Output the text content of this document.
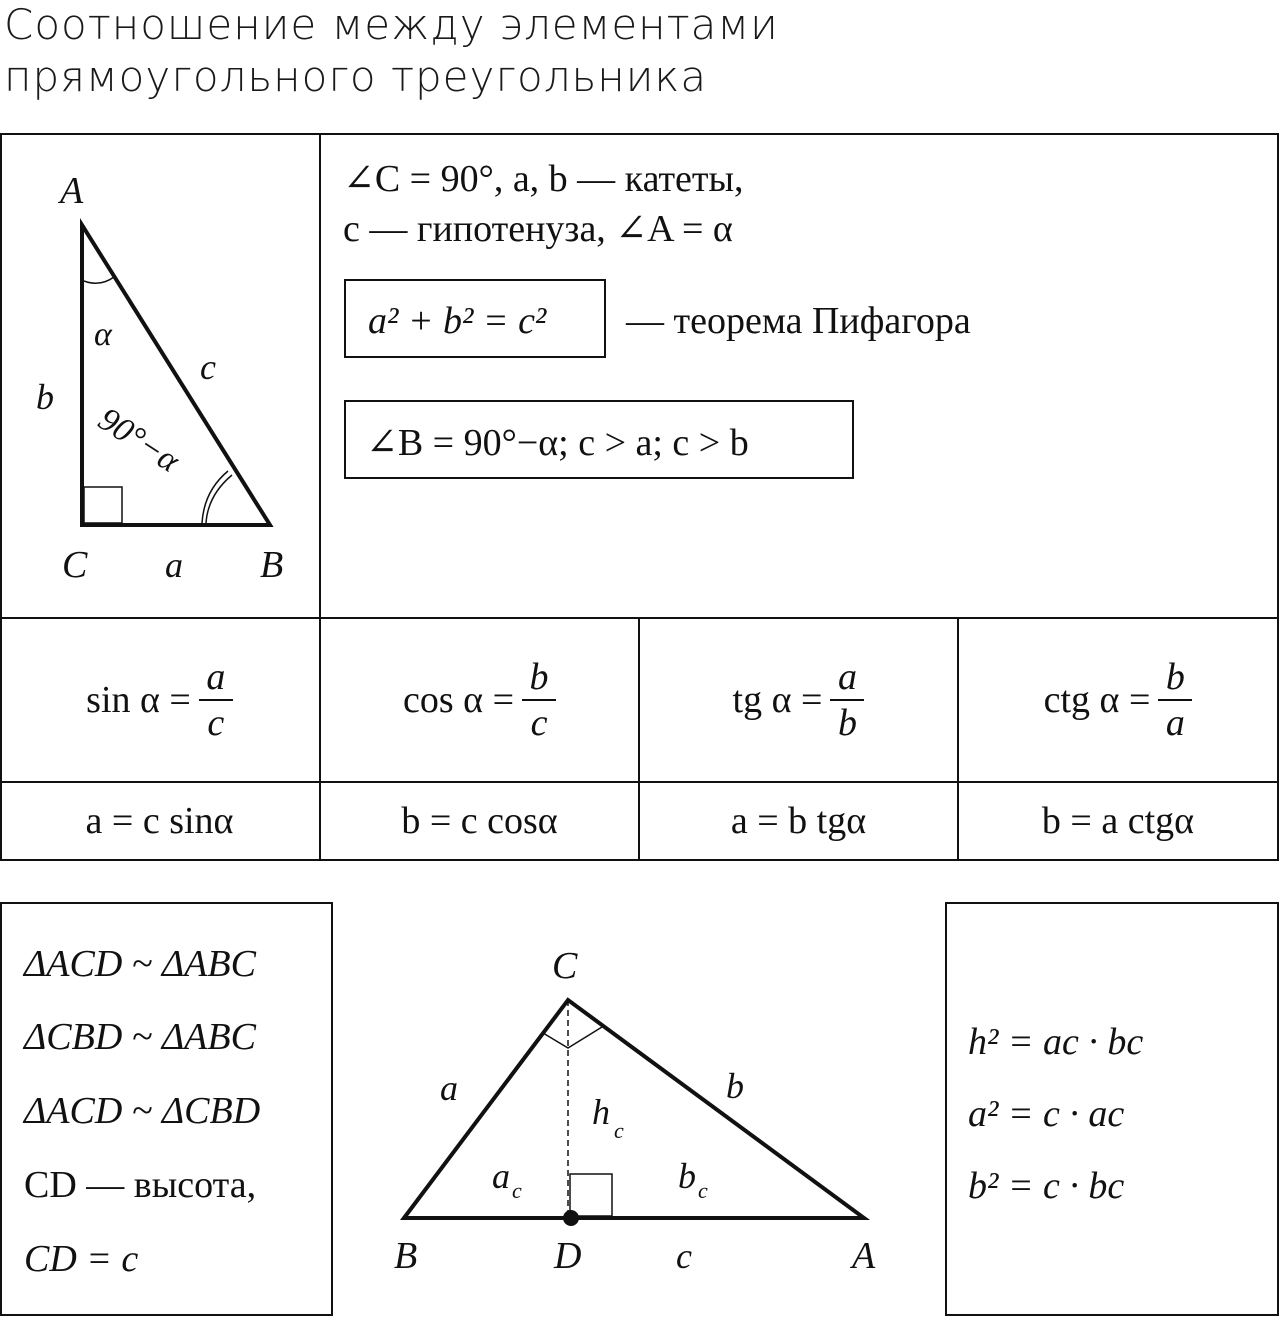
Соотношение между элементами
прямоугольного треугольника
A
C	B
a
b
c
α
90°−α
∠C = 90°, a, b — катеты,
c — гипотенуза, ∠A = α
a² + b² = c² — теорема Пифагора
∠B = 90°−α; c > a; c > b
$\sin \alpha = \frac{a}{c}$	$\cos \alpha = \frac{b}{c}$	tg $\alpha = \frac{a}{b}$	ctg $\alpha = \frac{b}{a}$
a = c sinα	b = c cosα	a = b tgα	b = a ctgα
ΔACD ~ ΔABC
ΔCBD ~ ΔABC
ΔACD ~ ΔCBD
CD — высота,
CD = c
C
B	D	A
a	b
c
h c
a c	b c
h² = aс · bс
a² = c · aс
b² = c · bс
